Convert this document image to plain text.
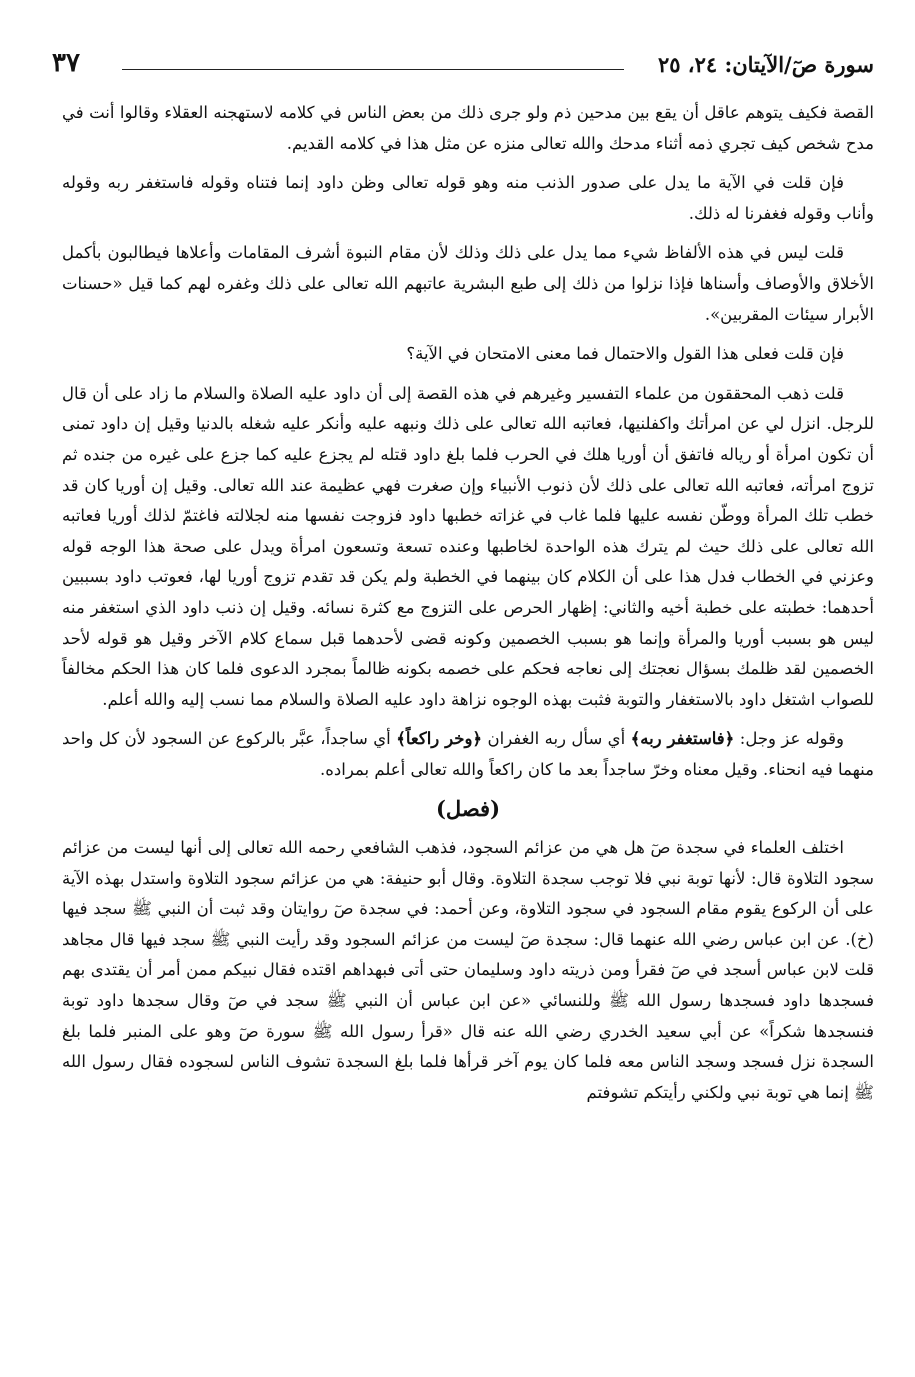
سورة صٓ/الآيتان: ٢٤، ٢٥
٣٧

القصة فكيف يتوهم عاقل أن يقع بين مدحين ذم ولو جرى ذلك من بعض الناس في كلامه لاستهجنه العقلاء وقالوا أنت في مدح شخص كيف تجري ذمه أثناء مدحك والله تعالى منزه عن مثل هذا في كلامه القديم.

فإن قلت في الآية ما يدل على صدور الذنب منه وهو قوله تعالى وظن داود إنما فتناه وقوله فاستغفر ربه وقوله وأناب وقوله فغفرنا له ذلك.

قلت ليس في هذه الألفاظ شيء مما يدل على ذلك وذلك لأن مقام النبوة أشرف المقامات وأعلاها فيطالبون بأكمل الأخلاق والأوصاف وأسناها فإذا نزلوا من ذلك إلى طبع البشرية عاتبهم الله تعالى على ذلك وغفره لهم كما قيل «حسنات الأبرار سيئات المقربين».

فإن قلت فعلى هذا القول والاحتمال فما معنى الامتحان في الآية؟

قلت ذهب المحققون من علماء التفسير وغيرهم في هذه القصة إلى أن داود عليه الصلاة والسلام ما زاد على أن قال للرجل. انزل لي عن امرأتك واكفلنيها، فعاتبه الله تعالى على ذلك ونبهه عليه وأنكر عليه شغله بالدنيا وقيل إن داود تمنى أن تكون امرأة أو رياله فاتفق أن أوريا هلك في الحرب فلما بلغ داود قتله لم يجزع عليه كما جزع على غيره من جنده ثم تزوج امرأته، فعاتبه الله تعالى على ذلك لأن ذنوب الأنبياء وإن صغرت فهي عظيمة عند الله تعالى. وقيل إن أوريا كان قد خطب تلك المرأة ووطّن نفسه عليها فلما غاب في غزاته خطبها داود فزوجت نفسها منه لجلالته فاغتمّ لذلك أوريا فعاتبه الله تعالى على ذلك حيث لم يترك هذه الواحدة لخاطبها وعنده تسعة وتسعون امرأة ويدل على صحة هذا الوجه قوله وعزني في الخطاب فدل هذا على أن الكلام كان بينهما في الخطبة ولم يكن قد تقدم تزوج أوريا لها، فعوتب داود بسببين أحدهما: خطبته على خطبة أخيه والثاني: إظهار الحرص على التزوج مع كثرة نسائه. وقيل إن ذنب داود الذي استغفر منه ليس هو بسبب أوريا والمرأة وإنما هو بسبب الخصمين وكونه قضى لأحدهما قبل سماع كلام الآخر وقيل هو قوله لأحد الخصمين لقد ظلمك بسؤال نعجتك إلى نعاجه فحكم على خصمه بكونه ظالماً بمجرد الدعوى فلما كان هذا الحكم مخالفاً للصواب اشتغل داود بالاستغفار والتوبة فثبت بهذه الوجوه نزاهة داود عليه الصلاة والسلام مما نسب إليه والله أعلم.

وقوله عز وجل: ﴿فاستغفر ربه﴾ أي سأل ربه الغفران ﴿وخر راكعاً﴾ أي ساجداً، عبَّر بالركوع عن السجود لأن كل واحد منهما فيه انحناء. وقيل معناه وخرّ ساجداً بعد ما كان راكعاً والله تعالى أعلم بمراده.

(فصل)

اختلف العلماء في سجدة صٓ هل هي من عزائم السجود، فذهب الشافعي رحمه الله تعالى إلى أنها ليست من عزائم سجود التلاوة قال: لأنها توبة نبي فلا توجب سجدة التلاوة. وقال أبو حنيفة: هي من عزائم سجود التلاوة واستدل بهذه الآية على أن الركوع يقوم مقام السجود في سجود التلاوة، وعن أحمد: في سجدة صٓ روايتان وقد ثبت أن النبي ﷺ سجد فيها (خ). عن ابن عباس رضي الله عنهما قال: سجدة صٓ ليست من عزائم السجود وقد رأيت النبي ﷺ سجد فيها قال مجاهد قلت لابن عباس أسجد في صٓ فقرأ ومن ذريته داود وسليمان حتى أتى فبهداهم اقتده فقال نبيكم ممن أمر أن يقتدى بهم فسجدها داود فسجدها رسول الله ﷺ وللنسائي «عن ابن عباس أن النبي ﷺ سجد في صٓ وقال سجدها داود توبة فنسجدها شكراً» عن أبي سعيد الخدري رضي الله عنه قال «قرأ رسول الله ﷺ سورة صٓ وهو على المنبر فلما بلغ السجدة نزل فسجد وسجد الناس معه فلما كان يوم آخر قرأها فلما بلغ السجدة تشوف الناس لسجوده فقال رسول الله ﷺ إنما هي توبة نبي ولكني رأيتكم تشوفتم
